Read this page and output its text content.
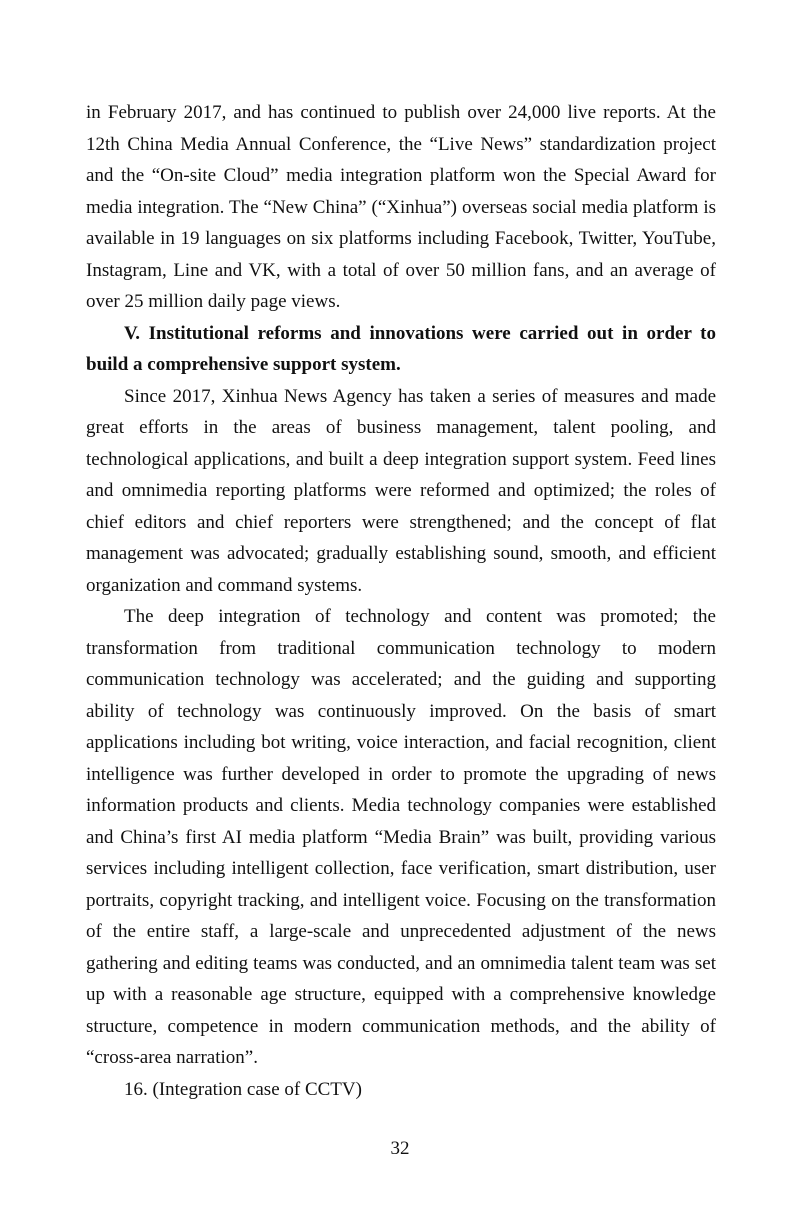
in February 2017, and has continued to publish over 24,000 live reports. At the 12th China Media Annual Conference, the “Live News” standardization project and the “On-site Cloud” media integration platform won the Special Award for media integration. The “New China” (“Xinhua”) overseas social media platform is available in 19 languages on six platforms including Facebook, Twitter, YouTube, Instagram, Line and VK, with a total of over 50 million fans, and an average of over 25 million daily page views.

V. Institutional reforms and innovations were carried out in order to build a comprehensive support system.

Since 2017, Xinhua News Agency has taken a series of measures and made great efforts in the areas of business management, talent pooling, and technological applications, and built a deep integration support system. Feed lines and omnimedia reporting platforms were reformed and optimized; the roles of chief editors and chief reporters were strengthened; and the concept of flat management was advocated; gradually establishing sound, smooth, and efficient organization and command systems.

The deep integration of technology and content was promoted; the transformation from traditional communication technology to modern communication technology was accelerated; and the guiding and supporting ability of technology was continuously improved. On the basis of smart applications including bot writing, voice interaction, and facial recognition, client intelligence was further developed in order to promote the upgrading of news information products and clients. Media technology companies were established and China’s first AI media platform “Media Brain” was built, providing various services including intelligent collection, face verification, smart distribution, user portraits, copyright tracking, and intelligent voice. Focusing on the transformation of the entire staff, a large-scale and unprecedented adjustment of the news gathering and editing teams was conducted, and an omnimedia talent team was set up with a reasonable age structure, equipped with a comprehensive knowledge structure, competence in modern communication methods, and the ability of “cross-area narration”.

16. (Integration case of CCTV)

32
